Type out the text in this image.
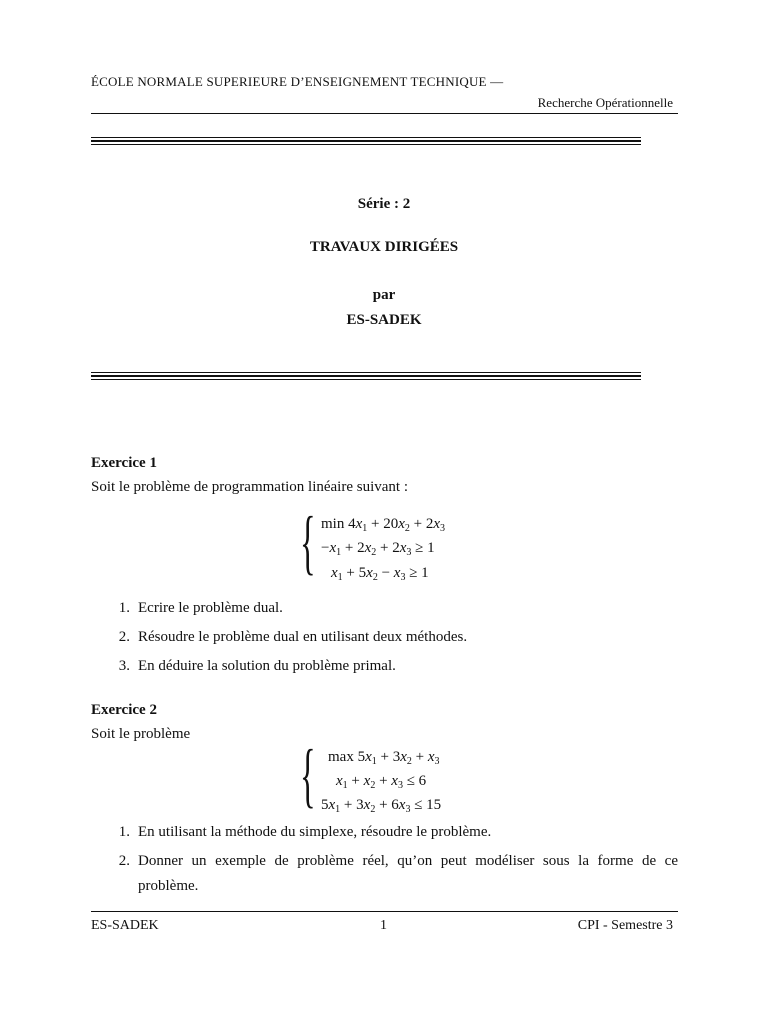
ÉCOLE NORMALE SUPERIEURE D’ENSEIGNEMENT TECHNIQUE —
Recherche Opérationnelle
Série : 2
TRAVAUX DIRIGÉES
par
ES-SADEK
Exercice 1
Soit le problème de programmation linéaire suivant :
{ $\min 4x_1 + 20x_2 + 2x_3$
$-x_1 + 2x_2 + 2x_3 \ge 1$
$x_1 + 5x_2 - x_3 \ge 1$
1. Ecrire le problème dual.
2. Résoudre le problème dual en utilisant deux méthodes.
3. En déduire la solution du problème primal.
Exercice 2
Soit le problème
{ $\max 5x_1 + 3x_2 + x_3$
$x_1 + x_2 + x_3 \le 6$
$5x_1 + 3x_2 + 6x_3 \le 15$
1. En utilisant la méthode du simplexe, résoudre le problème.
2. Donner un exemple de problème réel, qu’on peut modéliser sous la forme de ce
problème.
ES-SADEK	1	CPI - Semestre 3
